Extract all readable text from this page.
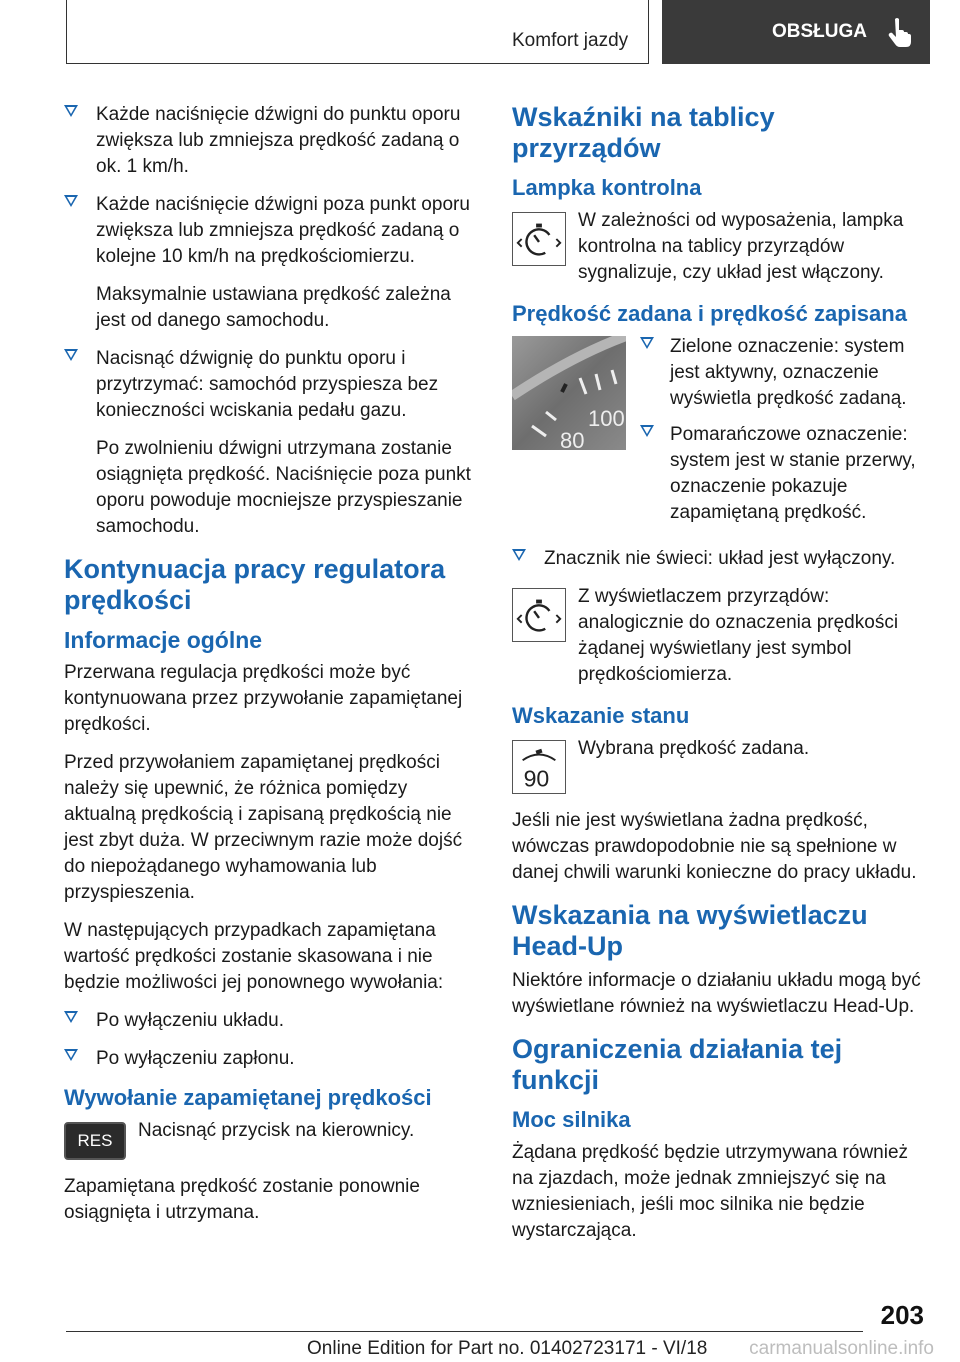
Komfort jazdy	OBSŁUGA

Każde naciśnięcie dźwigni do punktu oporu zwiększa lub zmniejsza prędkość zadaną o ok. 1 km/h.

Każde naciśnięcie dźwigni poza punkt oporu zwiększa lub zmniejsza prędkość zadaną o kolejne 10 km/h na prędkościomierzu.

Maksymalnie ustawiana prędkość zależna jest od danego samochodu.

Nacisnąć dźwignię do punktu oporu i przytrzymać: samochód przyspiesza bez konieczności wciskania pedału gazu.

Po zwolnieniu dźwigni utrzymana zostanie osiągnięta prędkość. Naciśnięcie poza punkt oporu powoduje mocniejsze przyspieszanie samochodu.

Kontynuacja pracy regulatora prędkości
Informacje ogólne

Przerwana regulacja prędkości może być kontynuowana przez przywołanie zapamiętanej prędkości.

Przed przywołaniem zapamiętanej prędkości należy się upewnić, że różnica pomiędzy aktualną prędkością i zapisaną prędkością nie jest zbyt duża. W przeciwnym razie może dojść do niepożądanego wyhamowania lub przyspieszenia.

W następujących przypadkach zapamiętana wartość prędkości zostanie skasowana i nie będzie możliwości jej ponownego wywołania:

Po wyłączeniu układu.

Po wyłączeniu zapłonu.

Wywołanie zapamiętanej prędkości
RES	Nacisnąć przycisk na kierownicy.

Zapamiętana prędkość zostanie ponownie osiągnięta i utrzymana.

Wskaźniki na tablicy przyrządów
Lampka kontrolna

W zależności od wyposażenia, lampka kontrolna na tablicy przyrządów sygnalizuje, czy układ jest włączony.

Prędkość zadana i prędkość zapisana
100
80

Zielone oznaczenie: system jest aktywny, oznaczenie wyświetla prędkość zadaną.

Pomarańczowe oznaczenie: system jest w stanie przerwy, oznaczenie pokazuje zapamiętaną prędkość.

Znacznik nie świeci: układ jest wyłączony.

Z wyświetlaczem przyrządów: analogicznie do oznaczenia prędkości żądanej wyświetlany jest symbol prędkościomierza.

Wskazanie stanu
90

Wybrana prędkość zadana.

Jeśli nie jest wyświetlana żadna prędkość, wówczas prawdopodobnie nie są spełnione w danej chwili warunki konieczne do pracy układu.

Wskazania na wyświetlaczu Head-Up

Niektóre informacje o działaniu układu mogą być wyświetlane również na wyświetlaczu Head-Up.

Ograniczenia działania tej funkcji
Moc silnika

Żądana prędkość będzie utrzymywana również na zjazdach, może jednak zmniejszyć się na wzniesieniach, jeśli moc silnika nie będzie wystarczająca.

203
Online Edition for Part no. 01402723171 - VI/18 carmanualsonline.info
